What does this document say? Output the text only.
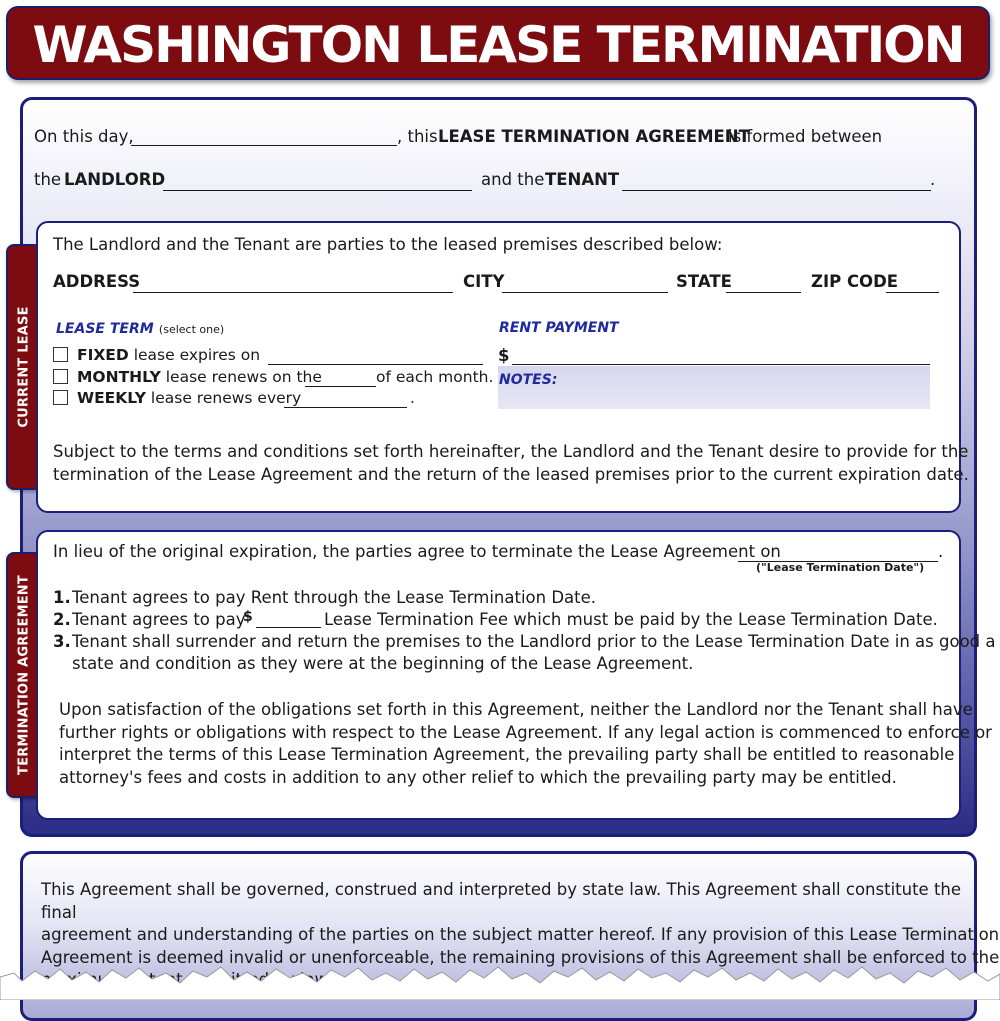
WASHINGTON LEASE TERMINATION
On this day,	, this LEASE TERMINATION AGREEMENT
is formed between
the LANDLORD	and the TENANT	.
CURRENT LEASE
The Landlord and the Tenant are parties to the leased premises described below:
ADDRESS	CITY	STATE	ZIP CODE
LEASE TERM (select one)	RENT PAYMENT
FIXED lease expires on
MONTHLY lease renews on the	of each month.
WEEKLY lease renews every	.
$
NOTES:
Subject to the terms and conditions set forth hereinafter, the Landlord and the Tenant desire to provide for the
termination of the Lease Agreement and the return of the leased premises prior to the current expiration date.
TERMINATION AGREEMENT
In lieu of the original expiration, the parties agree to terminate the Lease Agreement on	.
("Lease Termination Date")
1. Tenant agrees to pay Rent through the Lease Termination Date.
2. Tenant agrees to pay
$	Lease Termination Fee which must be paid by the Lease Termination Date.
3. Tenant shall surrender and return the premises to the Landlord prior to the Lease Termination Date in as good a
state and condition as they were at the beginning of the Lease Agreement.
Upon satisfaction of the obligations set forth in this Agreement, neither the Landlord nor the Tenant shall have
further rights or obligations with respect to the Lease Agreement. If any legal action is commenced to enforce or
interpret the terms of this Lease Termination Agreement, the prevailing party shall be entitled to reasonable
attorney's fees and costs in addition to any other relief to which the prevailing party may be entitled.
This Agreement shall be governed, construed and interpreted by state law. This Agreement shall constitute the final
agreement and understanding of the parties on the subject matter hereof. If any provision of this Lease Termination
Agreement is deemed invalid or unenforceable, the remaining provisions of this Agreement shall be enforced to the
law.
